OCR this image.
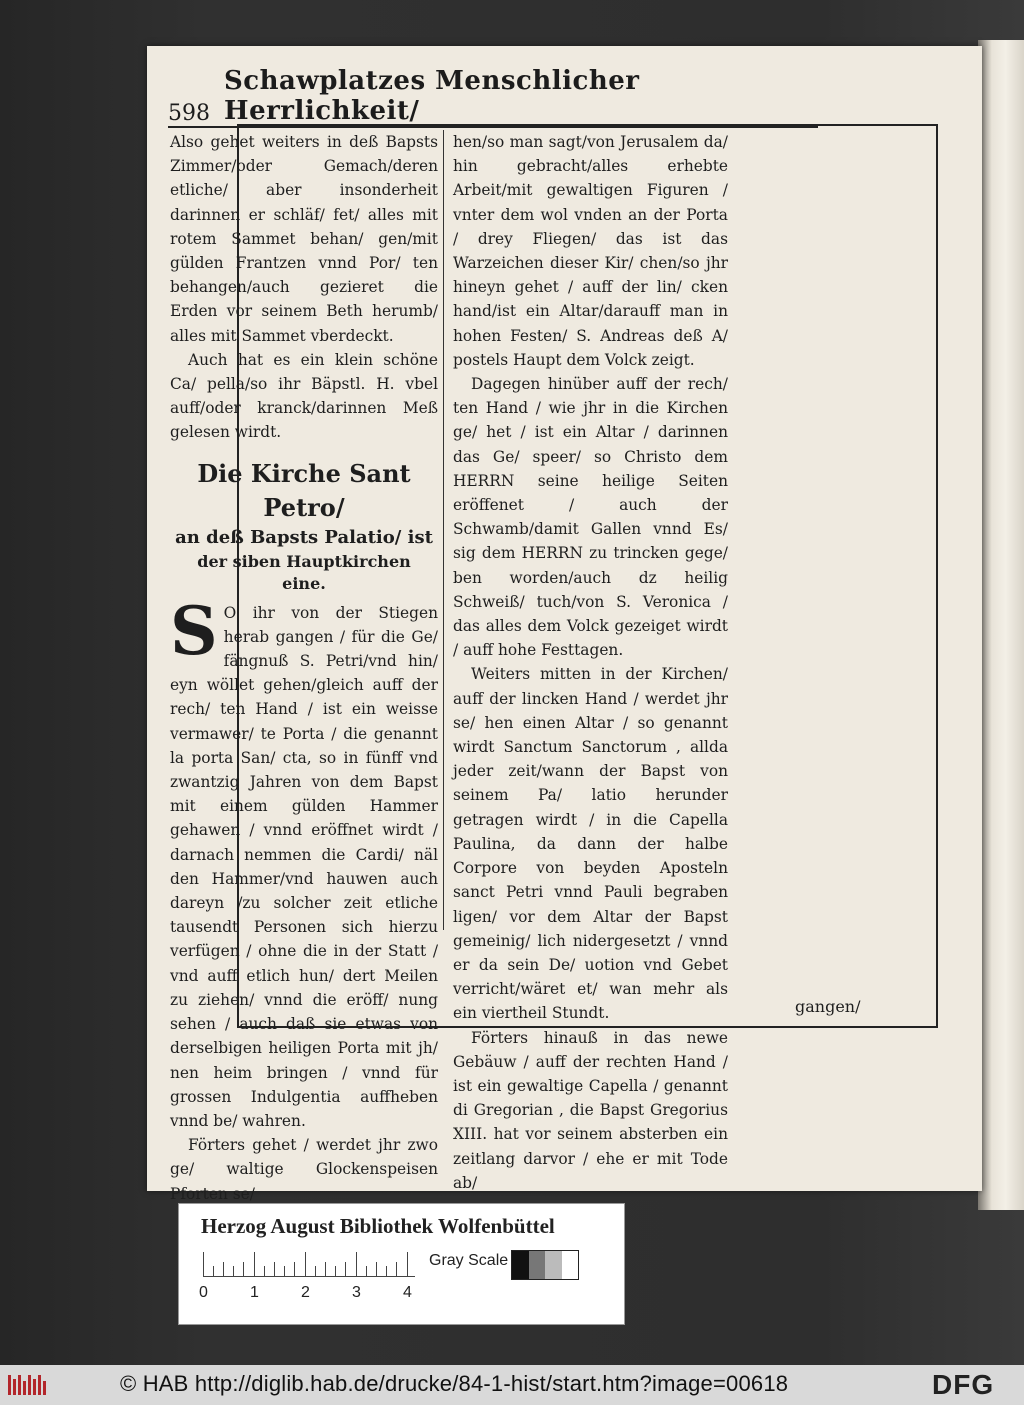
598
Schawplatzes Menschlicher Herrlichkeit/

Also gehet weiters in deß Bapsts Zimmer/oder Gemach/deren etliche/ aber insonderheit darinnen er schläf/ fet/ alles mit rotem Sammet behan/ gen/mit gülden Frantzen vnnd Por/ ten behangen/auch gezieret die Erden vor seinem Beth herumb/ alles mit Sammet vberdeckt.

Auch hat es ein klein schöne Ca/ pella/so ihr Bäpstl. H. vbel auff/oder kranck/darinnen Meß gelesen wirdt.

Die Kirche Sant Petro/
an deß Bapsts Palatio/ ist
der siben Hauptkirchen
eine.

S O ihr von der Stiegen herab gangen / für die Ge/ fängnuß S. Petri/vnd hin/ eyn wöllet gehen/gleich auff der rech/ ten Hand / ist ein weisse vermawer/ te Porta / die genannt la porta San/ cta, so in fünff vnd zwantzig Jahren von dem Bapst mit einem gülden Hammer gehawen / vnnd eröffnet wirdt / darnach nemmen die Cardi/ näl den Hammer/vnd hauwen auch dareyn /zu solcher zeit etliche tausendt Personen sich hierzu verfügen / ohne die in der Statt / vnd auff etlich hun/ dert Meilen zu ziehen/ vnnd die eröff/ nung sehen / auch daß sie etwas von derselbigen heiligen Porta mit jh/ nen heim bringen / vnnd für grossen Indulgentia auffheben vnnd be/ wahren.

Förters gehet / werdet jhr zwo ge/ waltige Glockenspeisen Pforten se/

hen/so man sagt/von Jerusalem da/ hin gebracht/alles erhebte Arbeit/mit gewaltigen Figuren / vnter dem wol vnden an der Porta / drey Fliegen/ das ist das Warzeichen dieser Kir/ chen/so jhr hineyn gehet / auff der lin/ cken hand/ist ein Altar/darauff man in hohen Festen/ S. Andreas deß A/ postels Haupt dem Volck zeigt.

Dagegen hinüber auff der rech/ ten Hand / wie jhr in die Kirchen ge/ het / ist ein Altar / darinnen das Ge/ speer/ so Christo dem HERRN seine heilige Seiten eröffenet / auch der Schwamb/damit Gallen vnnd Es/ sig dem HERRN zu trincken gege/ ben worden/auch dz heilig Schweiß/ tuch/von S. Veronica / das alles dem Volck gezeiget wirdt / auff hohe Festtagen.

Weiters mitten in der Kirchen/ auff der lincken Hand / werdet jhr se/ hen einen Altar / so genannt wirdt Sanctum Sanctorum , allda jeder zeit/wann der Bapst von seinem Pa/ latio herunder getragen wirdt / in die Capella Paulina, da dann der halbe Corpore von beyden Aposteln sanct Petri vnnd Pauli begraben ligen/ vor dem Altar der Bapst gemeinig/ lich nidergesetzt / vnnd er da sein De/ uotion vnd Gebet verricht/wäret et/ wan mehr als ein viertheil Stundt.

Förters hinauß in das newe Gebäuw / auff der rechten Hand / ist ein gewaltige Capella / genannt di Gregorian , die Bapst Gregorius XIII. hat vor seinem absterben ein zeitlang darvor / ehe er mit Tode ab/

gangen/
Herzog August Bibliothek Wolfenbüttel
0	1	2	3	4
Gray Scale
© HAB http://diglib.hab.de/drucke/84-1-hist/start.htm?image=00618	DFG
